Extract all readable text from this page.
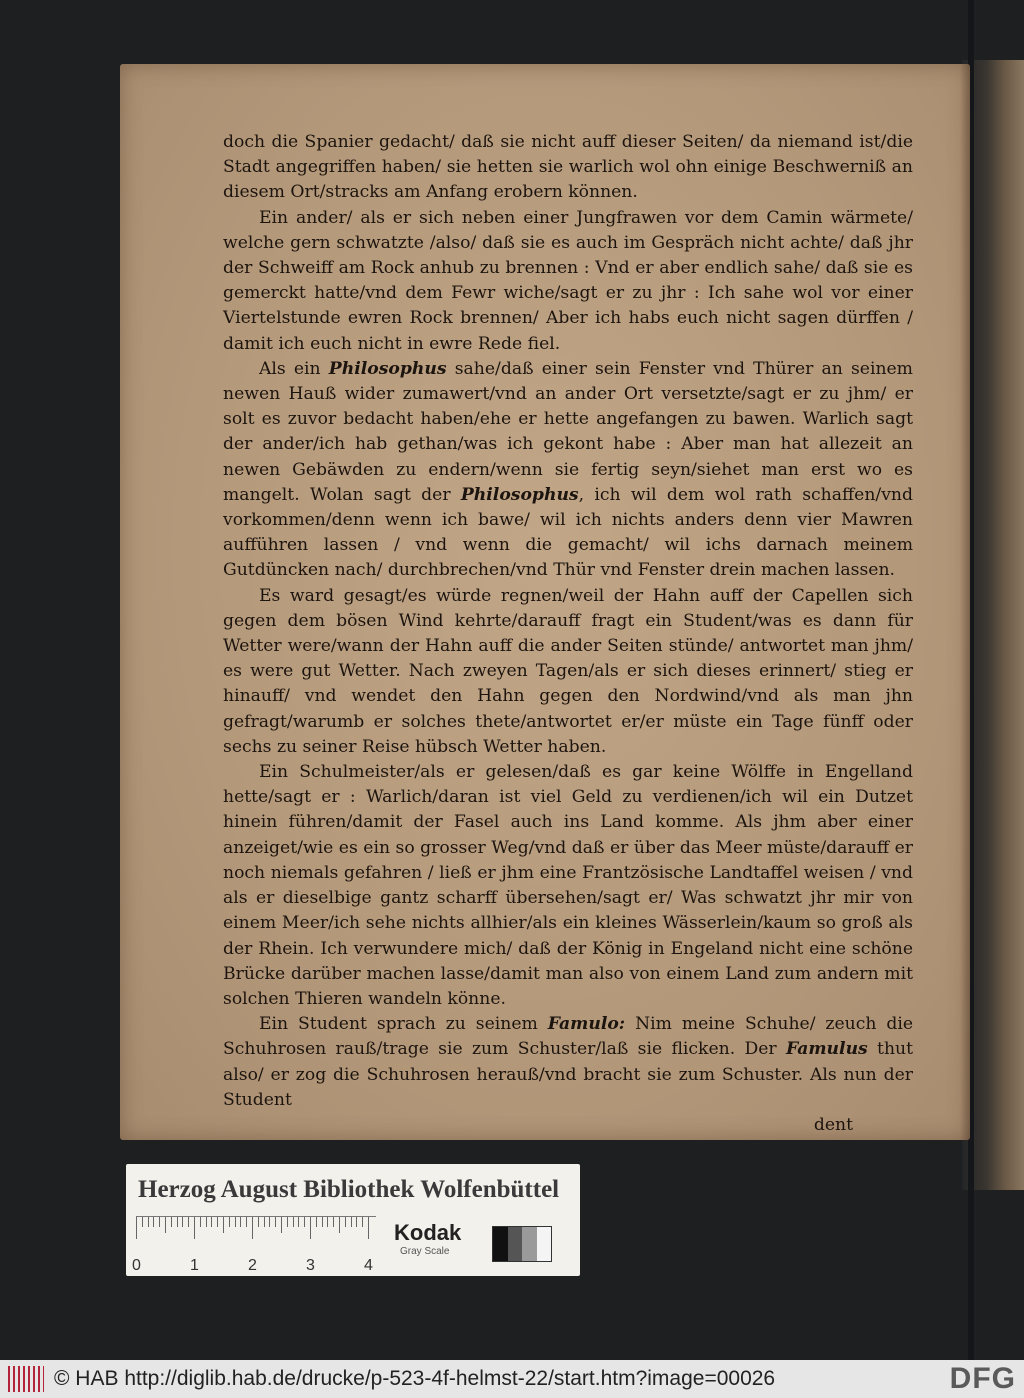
doch die Spanier gedacht/ daß sie nicht auff dieser Seiten/ da niemand ist/die Stadt angegriffen haben/ sie hetten sie warlich wol ohn einige Beschwerniß an diesem Ort/stracks am Anfang erobern können.

Ein ander/ als er sich neben einer Jungfrawen vor dem Camin wärmete/ welche gern schwatzte /also/ daß sie es auch im Gespräch nicht achte/ daß jhr der Schweiff am Rock anhub zu brennen : Vnd er aber endlich sahe/ daß sie es gemerckt hatte/vnd dem Fewr wiche/sagt er zu jhr : Ich sahe wol vor einer Viertelstunde ewren Rock brennen/ Aber ich habs euch nicht sagen dürffen / damit ich euch nicht in ewre Rede fiel.

Als ein Philosophus sahe/daß einer sein Fenster vnd Thürer an seinem newen Hauß wider zumawert/vnd an ander Ort versetzte/sagt er zu jhm/ er solt es zuvor bedacht haben/ehe er hette angefangen zu bawen. Warlich sagt der ander/ich hab gethan/was ich gekont habe : Aber man hat allezeit an newen Gebäwden zu endern/wenn sie fertig seyn/siehet man erst wo es mangelt. Wolan sagt der Philosophus, ich wil dem wol rath schaffen/vnd vorkommen/denn wenn ich bawe/ wil ich nichts anders denn vier Mawren aufführen lassen / vnd wenn die gemacht/ wil ichs darnach meinem Gutdüncken nach/ durchbrechen/vnd Thür vnd Fenster drein machen lassen.

Es ward gesagt/es würde regnen/weil der Hahn auff der Capellen sich gegen dem bösen Wind kehrte/darauff fragt ein Student/was es dann für Wetter were/wann der Hahn auff die ander Seiten stünde/ antwortet man jhm/ es were gut Wetter. Nach zweyen Tagen/als er sich dieses erinnert/ stieg er hinauff/ vnd wendet den Hahn gegen den Nordwind/vnd als man jhn gefragt/warumb er solches thete/antwortet er/er müste ein Tage fünff oder sechs zu seiner Reise hübsch Wetter haben.

Ein Schulmeister/als er gelesen/daß es gar keine Wölffe in Engelland hette/sagt er : Warlich/daran ist viel Geld zu verdienen/ich wil ein Dutzet hinein führen/damit der Fasel auch ins Land komme. Als jhm aber einer anzeiget/wie es ein so grosser Weg/vnd daß er über das Meer müste/darauff er noch niemals gefahren / ließ er jhm eine Frantzösische Landtaffel weisen / vnd als er dieselbige gantz scharff übersehen/sagt er/ Was schwatzt jhr mir von einem Meer/ich sehe nichts allhier/als ein kleines Wässerlein/kaum so groß als der Rhein. Ich verwundere mich/ daß der König in Engeland nicht eine schöne Brücke darüber machen lasse/damit man also von einem Land zum andern mit solchen Thieren wandeln könne.

Ein Student sprach zu seinem Famulo: Nim meine Schuhe/ zeuch die Schuhrosen rauß/trage sie zum Schuster/laß sie flicken. Der Famulus thut also/ er zog die Schuhrosen herauß/vnd bracht sie zum Schuster. Als nun der Student

dent

Herzog August Bibliothek Wolfenbüttel
0	1	2	3	4
Kodak
Gray Scale
© HAB http://diglib.hab.de/drucke/p-523-4f-helmst-22/start.htm?image=00026	DFG
